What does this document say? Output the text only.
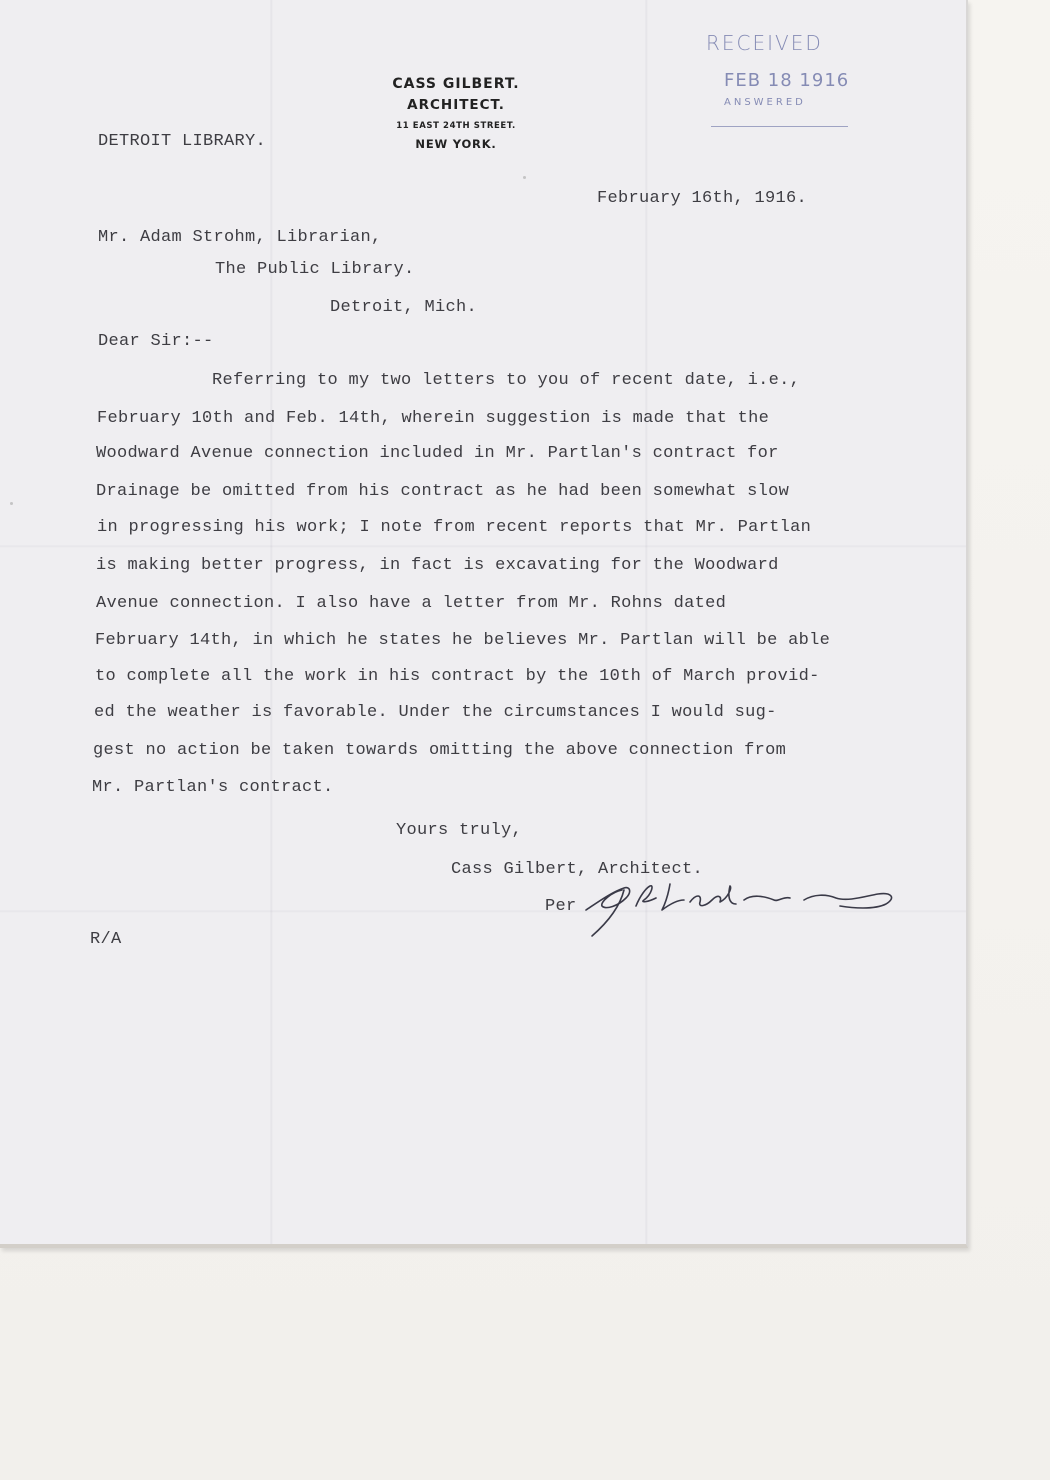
CASS GILBERT.
ARCHITECT.
11 EAST 24TH STREET.
NEW YORK.
DETROIT LIBRARY.
RECEIVED
FEB 18 1916
ANSWERED
February 16th, 1916.
Mr. Adam Strohm, Librarian,
The Public Library.
Detroit, Mich.
Dear Sir:--
Referring to my two letters to you of recent date, i.e.,
February 10th and Feb. 14th, wherein suggestion is made that the
Woodward Avenue connection included in Mr. Partlan's contract for
Drainage be omitted from his contract as he had been somewhat slow
in progressing his work; I note from recent reports that Mr. Partlan
is making better progress, in fact is excavating for the Woodward
Avenue connection. I also have a letter from Mr. Rohns dated
February 14th, in which he states he believes Mr. Partlan will be able
to complete all the work in his contract by the 10th of March provid-
ed the weather is favorable. Under the circumstances I would sug-
gest no action be taken towards omitting the above connection from
Mr. Partlan's contract.
Yours truly,
Cass Gilbert, Architect.
Per
R/A
